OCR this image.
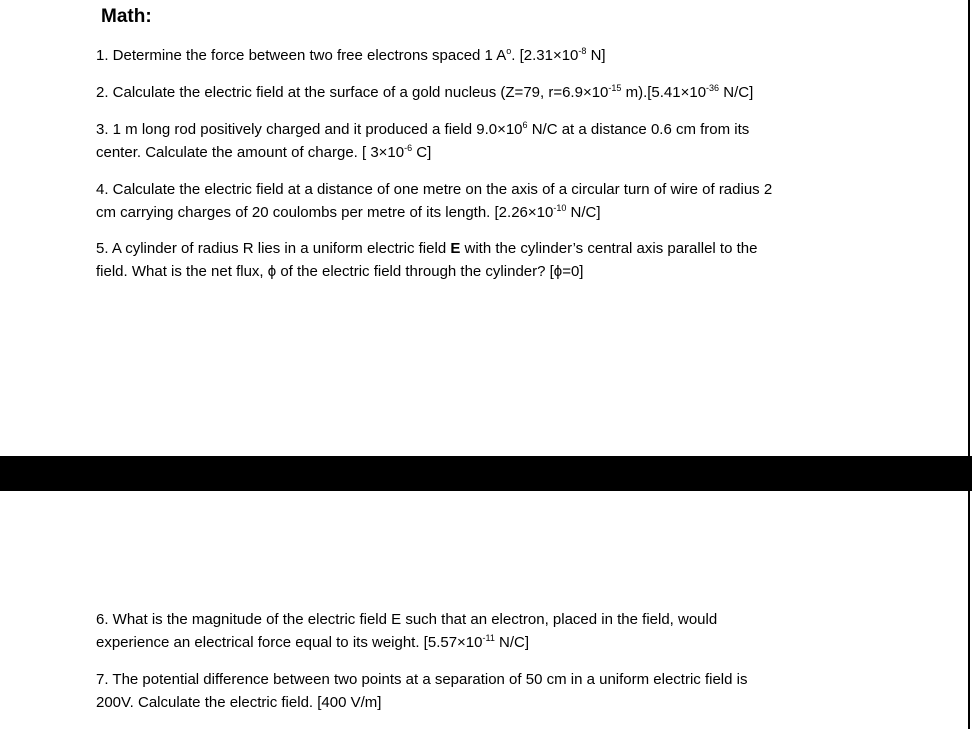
Math:

1. Determine the force between two free electrons spaced 1 $A^o$. [$2.31\times 10^{-8}$ N]

2. Calculate the electric field at the surface of a gold nucleus (Z=79, $r=6.9\times 10^{-15}$ $m).[5.41\times 10^{-36}$ N/C]

3. 1 m long rod positively charged and it produced a field $9.0\times 10^6$ N/C at a distance 0.6 cm from its
center. Calculate the amount of charge. [ $3\times 10^{-6}$ C]

4. Calculate the electric field at a distance of one metre on the axis of a circular turn of wire of radius 2
cm carrying charges of 20 coulombs per metre of its length. [$2.26\times 10^{-10}$ N/C]

5. A cylinder of radius R lies in a uniform electric field E with the cylinder’s central axis parallel to the
field. What is the net flux, ϕ of the electric field through the cylinder? [ϕ=0]

6. What is the magnitude of the electric field E such that an electron, placed in the field, would
experience an electrical force equal to its weight. [$5.57\times 10^{-11}$ N/C]

7. The potential difference between two points at a separation of 50 cm in a uniform electric field is
200V. Calculate the electric field. [400 V/m]
